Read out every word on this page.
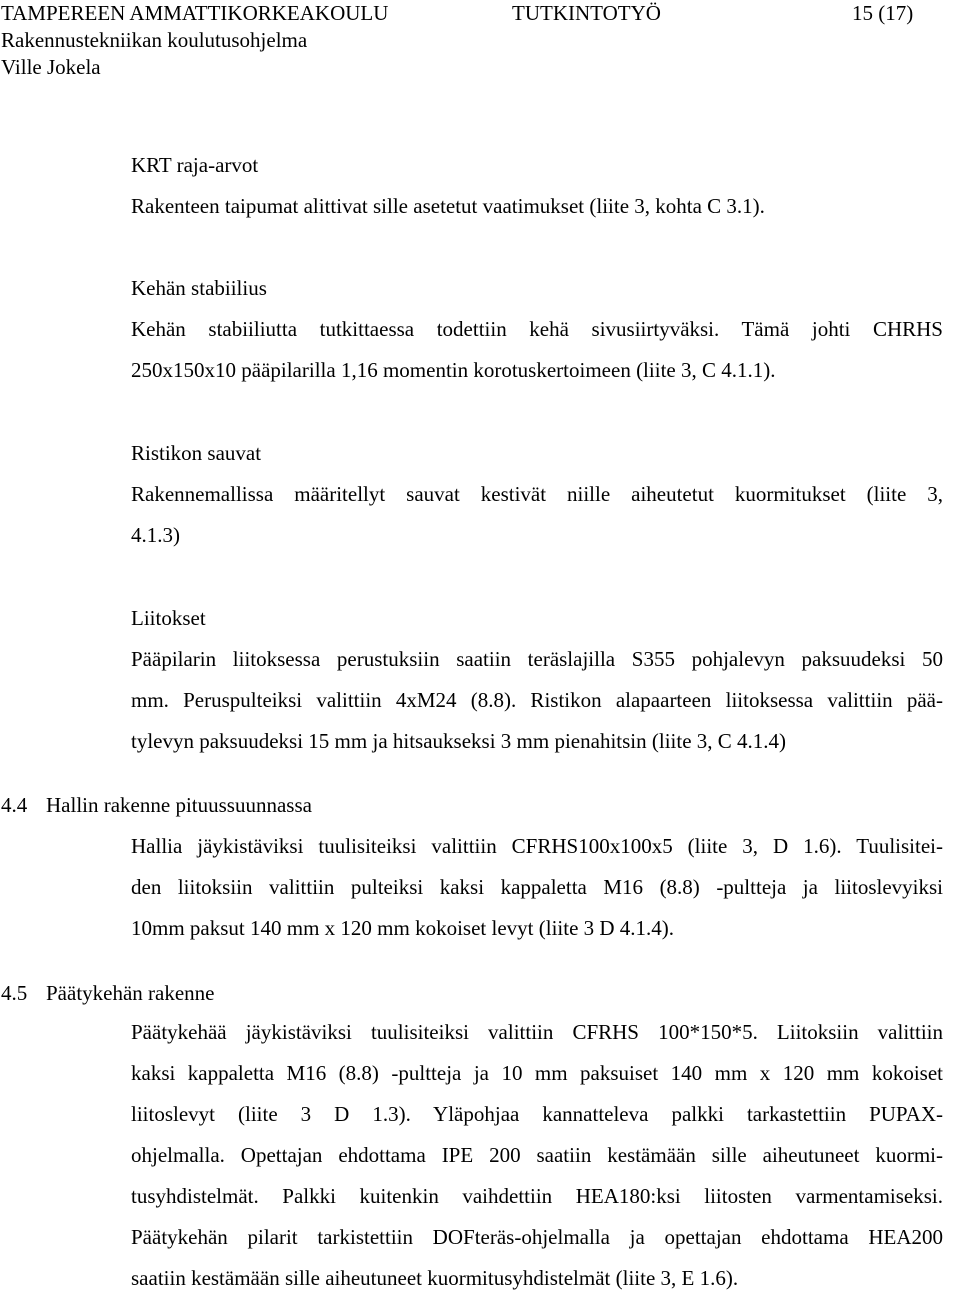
TAMPEREEN AMMATTIKORKEAKOULU	TUTKINTOTYÖ	15 (17)
Rakennustekniikan koulutusohjelma
Ville Jokela
KRT raja-arvot
Rakenteen taipumat alittivat sille asetetut vaatimukset (liite 3, kohta C 3.1).
Kehän stabiilius
Kehän stabiiliutta tutkittaessa todettiin kehä sivusiirtyväksi. Tämä johti CHRHS
250x150x10 pääpilarilla 1,16 momentin korotuskertoimeen (liite 3, C 4.1.1).
Ristikon sauvat
Rakennemallissa määritellyt sauvat kestivät niille aiheutetut kuormitukset (liite 3,
4.1.3)
Liitokset
Pääpilarin liitoksessa perustuksiin saatiin teräslajilla S355 pohjalevyn paksuudeksi 50
mm. Peruspulteiksi valittiin 4xM24 (8.8). Ristikon alapaarteen liitoksessa valittiin pää-
tylevyn paksuudeksi 15 mm ja hitsaukseksi 3 mm pienahitsin (liite 3, C 4.1.4)
4.4 Hallin rakenne pituussuunnassa
Hallia jäykistäviksi tuulisiteiksi valittiin CFRHS100x100x5 (liite 3, D 1.6). Tuulisitei-
den liitoksiin valittiin pulteiksi kaksi kappaletta M16 (8.8) -pultteja ja liitoslevyiksi
10mm paksut 140 mm x 120 mm kokoiset levyt (liite 3 D 4.1.4).
4.5 Päätykehän rakenne
Päätykehää jäykistäviksi tuulisiteiksi valittiin CFRHS 100*150*5. Liitoksiin valittiin
kaksi kappaletta M16 (8.8) -pultteja ja 10 mm paksuiset 140 mm x 120 mm kokoiset
liitoslevyt (liite 3 D 1.3). Yläpohjaa kannatteleva palkki tarkastettiin PUPAX-
ohjelmalla. Opettajan ehdottama IPE 200 saatiin kestämään sille aiheutuneet kuormi-
tusyhdistelmät. Palkki kuitenkin vaihdettiin HEA180:ksi liitosten varmentamiseksi.
Päätykehän pilarit tarkistettiin DOFteräs-ohjelmalla ja opettajan ehdottama HEA200
saatiin kestämään sille aiheutuneet kuormitusyhdistelmät (liite 3, E 1.6).
